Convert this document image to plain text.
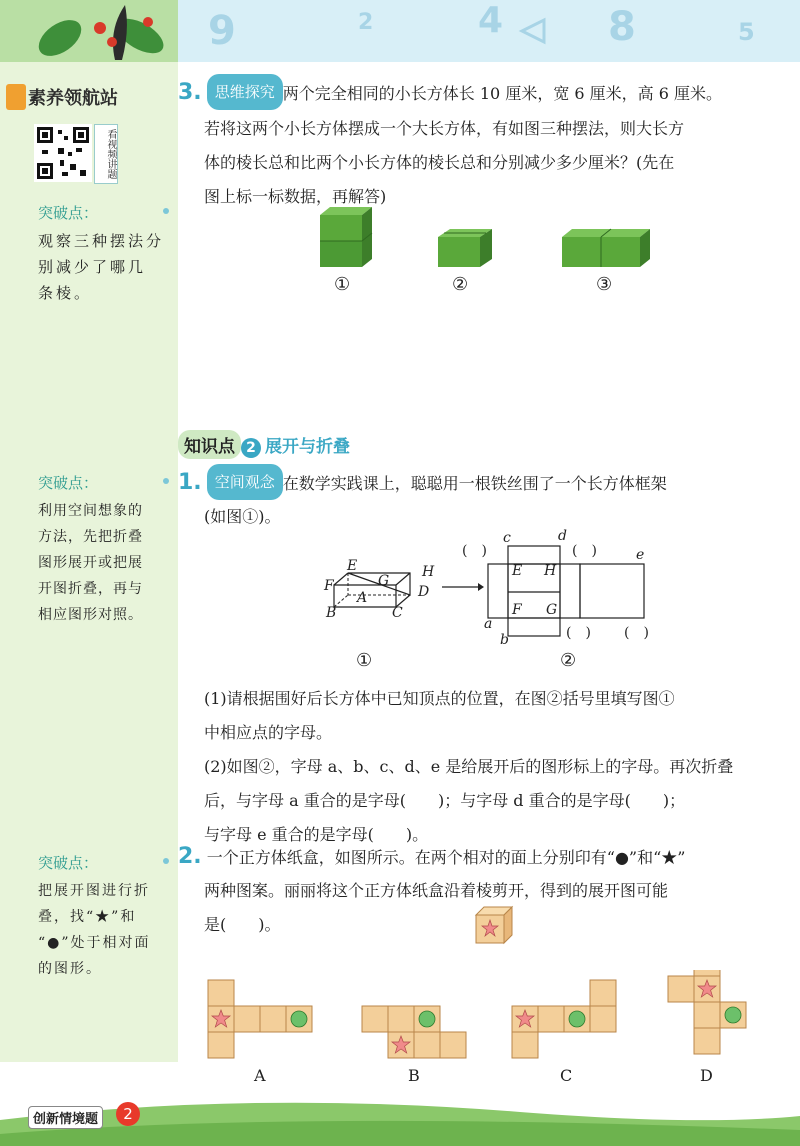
9	2	4	8	5
素养领航站
看视频讲题
突破点：
观察三种摆法分
别减少了哪几
条棱。
突破点：
利用空间想象的
方法，先把折叠
图形展开或把展
开图折叠，再与
相应图形对照。
突破点：
把展开图进行折
叠，找“★”和
“●”处于相对面
的图形。
3. 思维探究 两个完全相同的小长方体长 10 厘米，宽 6 厘米，高 6 厘米。
若将这两个小长方体摆成一个大长方体，有如图三种摆法，则大长方
体的棱长总和比两个小长方体的棱长总和分别减少多少厘米？(先在
图上标一标数据，再解答)
①	②	③
知识点 2 展开与折叠
1. 空间观念 在数学实践课上，聪聪用一根铁丝围了一个长方体框架
(如图①)。
E	H
G
F	D
A
B	C
c	d
e
E H
F G
a
b
(　)	(　)
(　) (　)
①	②
(1)请根据围好后长方体中已知顶点的位置，在图②括号里填写图①
中相应点的字母。
(2)如图②，字母 a、b、c、d、e 是给展开后的图形标上的字母。再次折叠
后，与字母 a 重合的是字母(　　)；与字母 d 重合的是字母(　　)；
与字母 e 重合的是字母(　　)。
2. 一个正方体纸盒，如图所示。在两个相对的面上分别印有“●”和“★”
两种图案。丽丽将这个正方体纸盒沿着棱剪开，得到的展开图可能
是(　　)。
A	B	C	D
创新情境题	2
